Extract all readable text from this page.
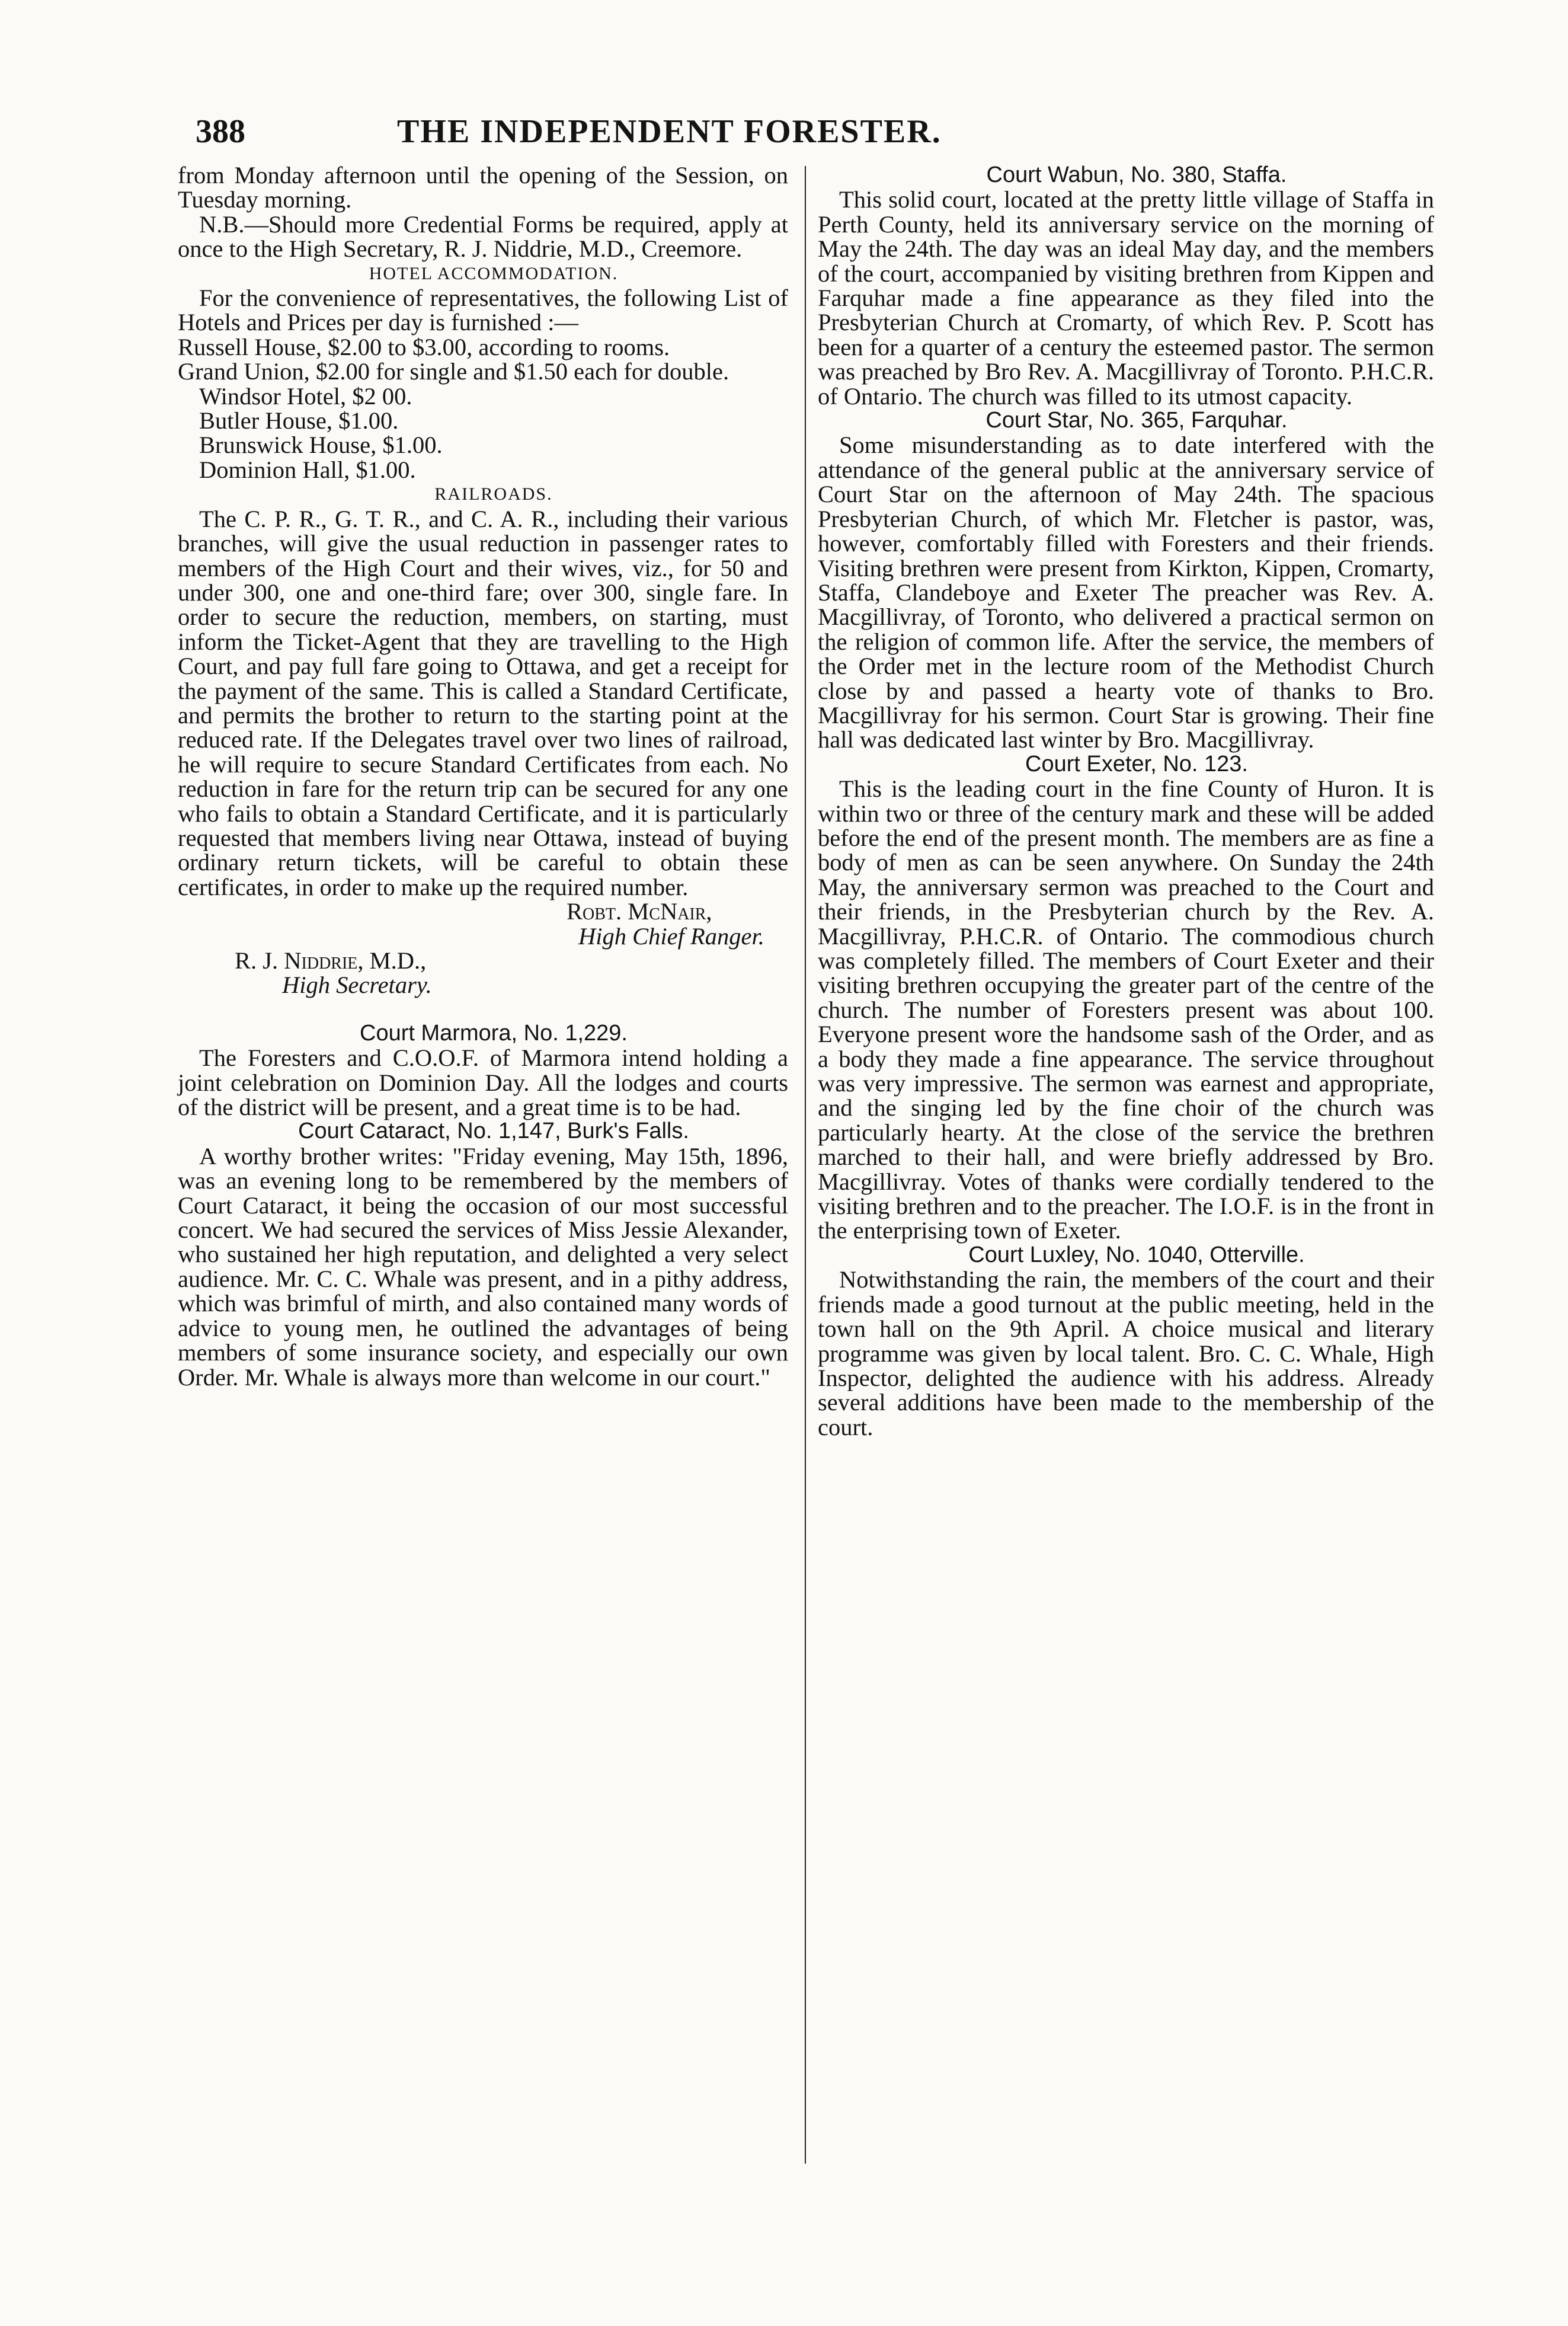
388	THE INDEPENDENT FORESTER.

from Monday afternoon until the opening of the Session, on Tuesday morning.

N.B.—Should more Credential Forms be required, apply at once to the High Secretary, R. J. Niddrie, M.D., Creemore.

HOTEL ACCOMMODATION.

For the convenience of representatives, the following List of Hotels and Prices per day is furnished :—

Russell House, $2.00 to $3.00, according to rooms.

Grand Union, $2.00 for single and $1.50 each for double.

Windsor Hotel, $2 00.

Butler House, $1.00.

Brunswick House, $1.00.

Dominion Hall, $1.00.

RAILROADS.

The C. P. R., G. T. R., and C. A. R., including their various branches, will give the usual reduction in passenger rates to members of the High Court and their wives, viz., for 50 and under 300, one and one-third fare; over 300, single fare. In order to secure the reduction, members, on starting, must inform the Ticket-Agent that they are travelling to the High Court, and pay full fare going to Ottawa, and get a receipt for the payment of the same. This is called a Standard Certificate, and permits the brother to return to the starting point at the reduced rate. If the Delegates travel over two lines of railroad, he will require to secure Standard Certificates from each. No reduction in fare for the return trip can be secured for any one who fails to obtain a Standard Certificate, and it is particularly requested that members living near Ottawa, instead of buying ordinary return tickets, will be careful to obtain these certificates, in order to make up the required number.

Robt. McNair,

High Chief Ranger.

R. J. Niddrie, M.D.,

High Secretary.

Court Marmora, No. 1,229.

The Foresters and C.O.O.F. of Marmora intend holding a joint celebration on Dominion Day. All the lodges and courts of the district will be present, and a great time is to be had.

Court Cataract, No. 1,147, Burk's Falls.

A worthy brother writes: "Friday evening, May 15th, 1896, was an evening long to be remembered by the members of Court Cataract, it being the occasion of our most successful concert. We had secured the services of Miss Jessie Alexander, who sustained her high reputation, and delighted a very select audience. Mr. C. C. Whale was present, and in a pithy address, which was brimful of mirth, and also contained many words of advice to young men, he outlined the advantages of being members of some insurance society, and especially our own Order. Mr. Whale is always more than welcome in our court."

Court Wabun, No. 380, Staffa.

This solid court, located at the pretty little village of Staffa in Perth County, held its anniversary service on the morning of May the 24th. The day was an ideal May day, and the members of the court, accompanied by visiting brethren from Kippen and Farquhar made a fine appearance as they filed into the Presbyterian Church at Cromarty, of which Rev. P. Scott has been for a quarter of a century the esteemed pastor. The sermon was preached by Bro Rev. A. Macgillivray of Toronto. P.H.C.R. of Ontario. The church was filled to its utmost capacity.

Court Star, No. 365, Farquhar.

Some misunderstanding as to date interfered with the attendance of the general public at the anniversary service of Court Star on the afternoon of May 24th. The spacious Presbyterian Church, of which Mr. Fletcher is pastor, was, however, comfortably filled with Foresters and their friends. Visiting brethren were present from Kirkton, Kippen, Cromarty, Staffa, Clandeboye and Exeter The preacher was Rev. A. Macgillivray, of Toronto, who delivered a practical sermon on the religion of common life. After the service, the members of the Order met in the lecture room of the Methodist Church close by and passed a hearty vote of thanks to Bro. Macgillivray for his sermon. Court Star is growing. Their fine hall was dedicated last winter by Bro. Macgillivray.

Court Exeter, No. 123.

This is the leading court in the fine County of Huron. It is within two or three of the century mark and these will be added before the end of the present month. The members are as fine a body of men as can be seen anywhere. On Sunday the 24th May, the anniversary sermon was preached to the Court and their friends, in the Presbyterian church by the Rev. A. Macgillivray, P.H.C.R. of Ontario. The commodious church was completely filled. The members of Court Exeter and their visiting brethren occupying the greater part of the centre of the church. The number of Foresters present was about 100. Everyone present wore the handsome sash of the Order, and as a body they made a fine appearance. The service throughout was very impressive. The sermon was earnest and appropriate, and the singing led by the fine choir of the church was particularly hearty. At the close of the service the brethren marched to their hall, and were briefly addressed by Bro. Macgillivray. Votes of thanks were cordially tendered to the visiting brethren and to the preacher. The I.O.F. is in the front in the enterprising town of Exeter.

Court Luxley, No. 1040, Otterville.

Notwithstanding the rain, the members of the court and their friends made a good turnout at the public meeting, held in the town hall on the 9th April. A choice musical and literary programme was given by local talent. Bro. C. C. Whale, High Inspector, delighted the audience with his address. Already several additions have been made to the membership of the court.
